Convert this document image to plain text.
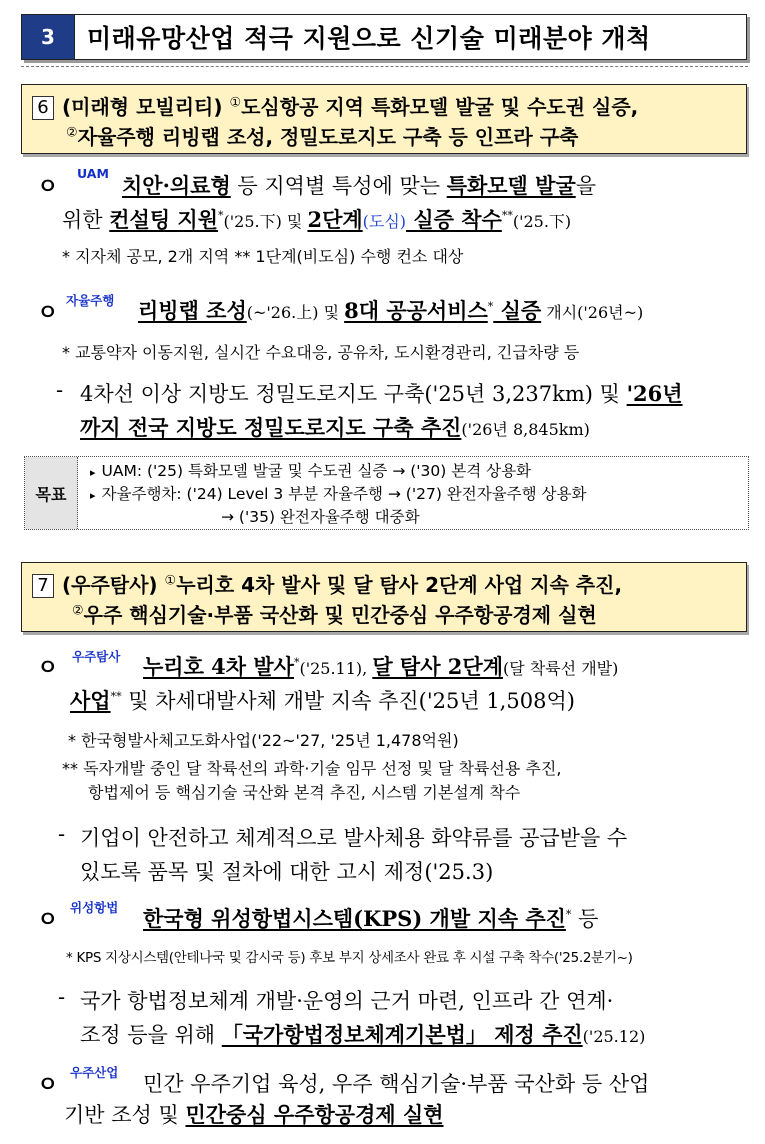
3	미래유망산업 적극 지원으로 신기술 미래분야 개척
6 (미래형 모빌리티) ①도심항공 지역 특화모델 발굴 및 수도권 실증,
②자율주행 리빙랩 조성, 정밀도로지도 구축 등 인프라 구축
ㅇ
UAM 치안·의료형 등 지역별 특성에 맞는 특화모델 발굴을
위한 컨설팅 지원*('25.下) 및 2단계(도심) 실증 착수**('25.下)
* 지자체 공모, 2개 지역 ** 1단계(비도심) 수행 컨소 대상
ㅇ
자율주행 리빙랩 조성(~'26.上) 및 8대 공공서비스* 실증 개시('26년~)
* 교통약자 이동지원, 실시간 수요대응, 공유차, 도시환경관리, 긴급차량 등
- 4차선 이상 지방도 정밀도로지도 구축('25년 3,237km) 및 '26년
까지 전국 지방도 정밀도로지도 구축 추진('26년 8,845km)
목표
▸ UAM: ('25) 특화모델 발굴 및 수도권 실증 → ('30) 본격 상용화
▸ 자율주행차: ('24) Level 3 부분 자율주행 → ('27) 완전자율주행 상용화
→ ('35) 완전자율주행 대중화
7 (우주탐사) ①누리호 4차 발사 및 달 탐사 2단계 사업 지속 추진,
②우주 핵심기술·부품 국산화 및 민간중심 우주항공경제 실현
ㅇ 우주탐사 누리호 4차 발사*('25.11), 달 탐사 2단계(달 착륙선 개발)
사업** 및 차세대발사체 개발 지속 추진('25년 1,508억)
* 한국형발사체고도화사업('22~'27, '25년 1,478억원)
** 독자개발 중인 달 착륙선의 과학·기술 임무 선정 및 달 착륙선용 추진,
항법제어 등 핵심기술 국산화 본격 추진, 시스템 기본설계 착수
- 기업이 안전하고 체계적으로 발사체용 화약류를 공급받을 수
있도록 품목 및 절차에 대한 고시 제정('25.3)
ㅇ
위성항법 한국형 위성항법시스템(KPS) 개발 지속 추진* 등
* KPS 지상시스템(안테나국 및 감시국 등) 후보 부지 상세조사 완료 후 시설 구축 착수('25.2분기~)
- 국가 항법정보체계 개발·운영의 근거 마련, 인프라 간 연계·
조정 등을 위해 「국가항법정보체계기본법」 제정 추진('25.12)
ㅇ
우주산업 민간 우주기업 육성, 우주 핵심기술·부품 국산화 등 산업
기반 조성 및 민간중심 우주항공경제 실현
